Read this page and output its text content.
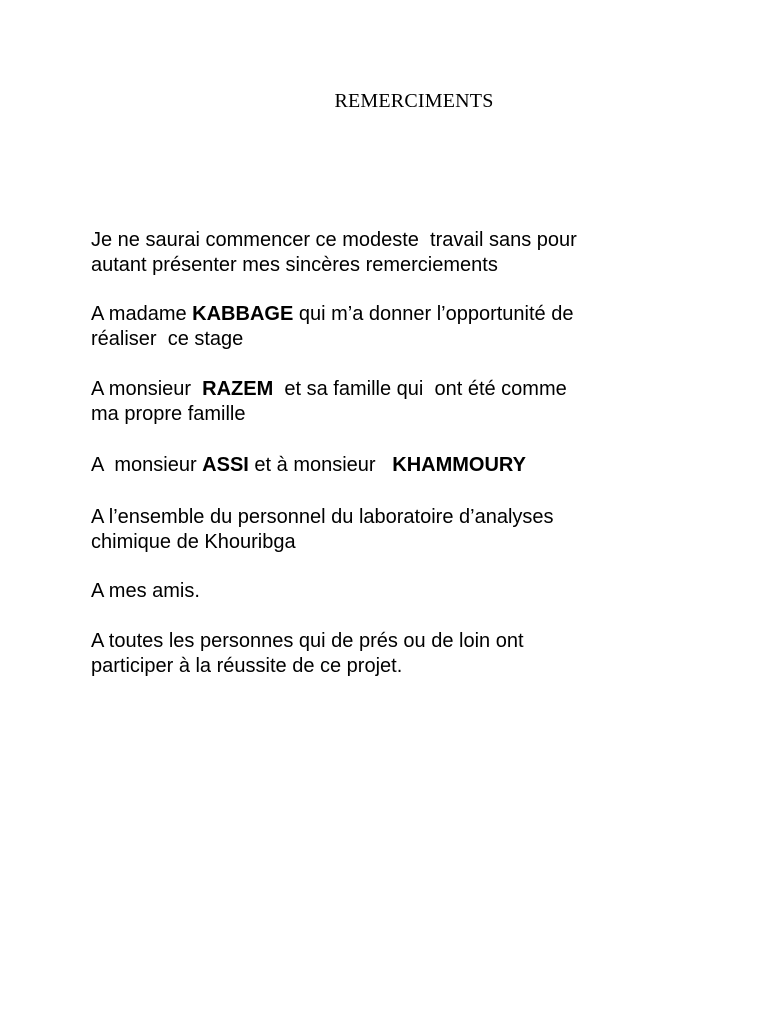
REMERCIMENTS
Je ne saurai commencer ce modeste  travail sans pour
autant présenter mes sincères remerciements
A madame KABBAGE qui m’a donner l’opportunité de
réaliser  ce stage
A monsieur  RAZEM  et sa famille qui  ont été comme
ma propre famille
A  monsieur ASSI et à monsieur   KHAMMOURY
A l’ensemble du personnel du laboratoire d’analyses
chimique de Khouribga
A mes amis.
A toutes les personnes qui de prés ou de loin ont
participer à la réussite de ce projet.
